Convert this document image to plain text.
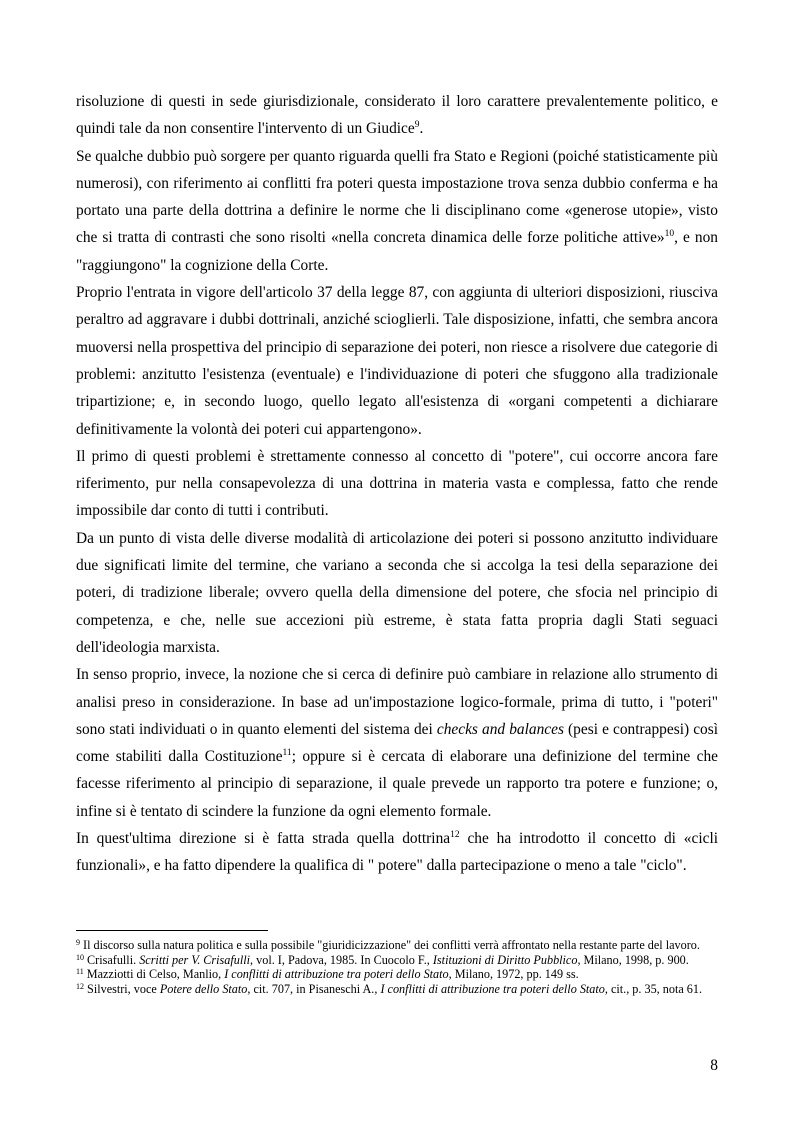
risoluzione di questi in sede giurisdizionale, considerato il loro carattere prevalentemente politico, e quindi tale da non consentire l'intervento di un Giudice$^9$.

Se qualche dubbio può sorgere per quanto riguarda quelli fra Stato e Regioni (poiché statisticamente più numerosi), con riferimento ai conflitti fra poteri questa impostazione trova senza dubbio conferma e ha portato una parte della dottrina a definire le norme che li disciplinano come «generose utopie», visto che si tratta di contrasti che sono risolti «nella concreta dinamica delle forze politiche attive»$^{10}$, e non "raggiungono" la cognizione della Corte.

Proprio l'entrata in vigore dell'articolo 37 della legge 87, con aggiunta di ulteriori disposizioni, riusciva peraltro ad aggravare i dubbi dottrinali, anziché scioglierli. Tale disposizione, infatti, che sembra ancora muoversi nella prospettiva del principio di separazione dei poteri, non riesce a risolvere due categorie di problemi: anzitutto l'esistenza (eventuale) e l'individuazione di poteri che sfuggono alla tradizionale tripartizione; e, in secondo luogo, quello legato all'esistenza di «organi competenti a dichiarare definitivamente la volontà dei poteri cui appartengono».

Il primo di questi problemi è strettamente connesso al concetto di "potere", cui occorre ancora fare riferimento, pur nella consapevolezza di una dottrina in materia vasta e complessa, fatto che rende impossibile dar conto di tutti i contributi.

Da un punto di vista delle diverse modalità di articolazione dei poteri si possono anzitutto individuare due significati limite del termine, che variano a seconda che si accolga la tesi della separazione dei poteri, di tradizione liberale; ovvero quella della dimensione del potere, che sfocia nel principio di competenza, e che, nelle sue accezioni più estreme, è stata fatta propria dagli Stati seguaci dell'ideologia marxista.

In senso proprio, invece, la nozione che si cerca di definire può cambiare in relazione allo strumento di analisi preso in considerazione. In base ad un'impostazione logico-formale, prima di tutto, i "poteri" sono stati individuati o in quanto elementi del sistema dei checks and balances (pesi e contrappesi) così come stabiliti dalla Costituzione$^{11}$; oppure si è cercata di elaborare una definizione del termine che facesse riferimento al principio di separazione, il quale prevede un rapporto tra potere e funzione; o, infine si è tentato di scindere la funzione da ogni elemento formale.

In quest'ultima direzione si è fatta strada quella dottrina$^{12}$ che ha introdotto il concetto di «cicli funzionali», e ha fatto dipendere la qualifica di " potere" dalla partecipazione o meno a tale "ciclo".

$^9$ Il discorso sulla natura politica e sulla possibile "giuridicizzazione" dei conflitti verrà affrontato nella restante parte del lavoro.

$^{10}$ Crisafulli. Scritti per V. Crisafulli, vol. I, Padova, 1985. In Cuocolo F., Istituzioni di Diritto Pubblico, Milano, 1998, p. 900.

$^{11}$ Mazziotti di Celso, Manlio, I conflitti di attribuzione tra poteri dello Stato, Milano, 1972, pp. 149 ss.

$^{12}$ Silvestri, voce Potere dello Stato, cit. 707, in Pisaneschi A., I conflitti di attribuzione tra poteri dello Stato, cit., p. 35, nota 61.

8
